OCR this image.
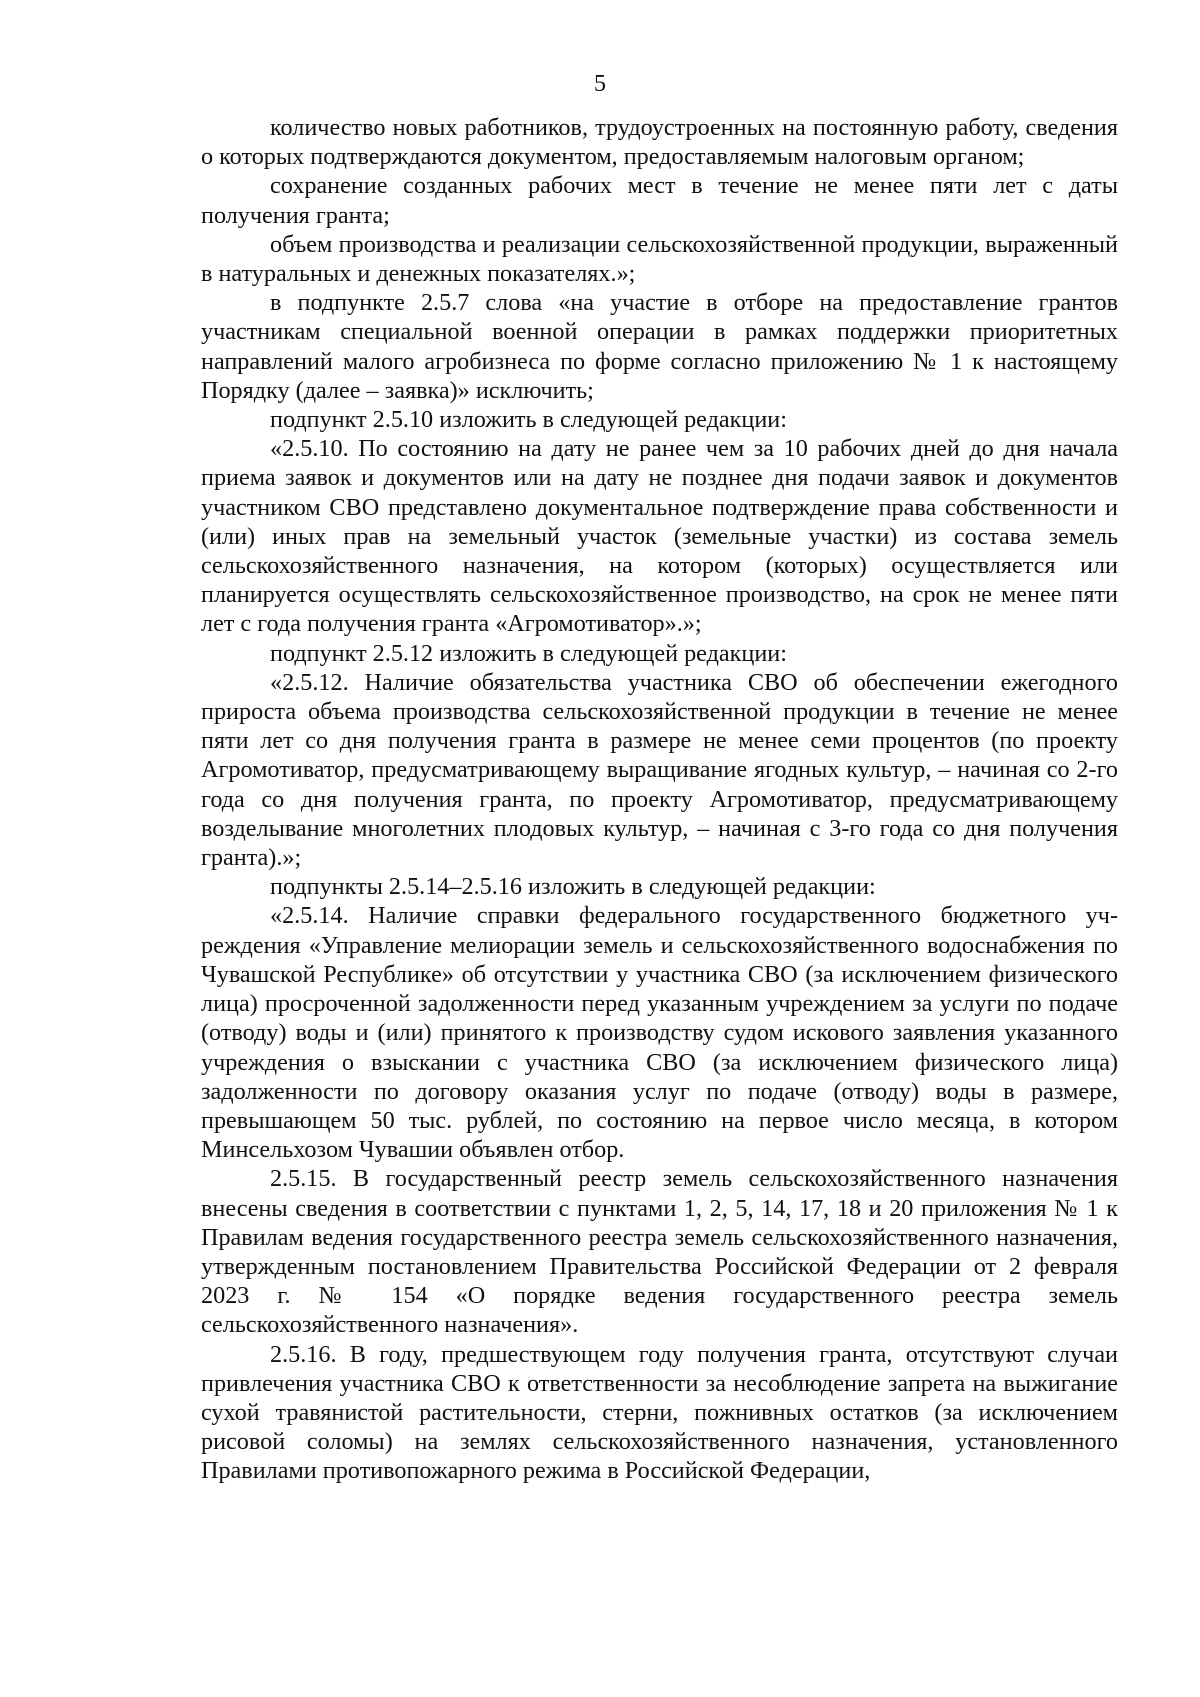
5

количество новых работников, трудоустроенных на постоянную работу, сведения о которых подтверждаются документом, предоставляемым налоговым органом;

сохранение созданных рабочих мест в течение не менее пяти лет с даты получения гранта;

объем производства и реализации сельскохозяйственной продукции, выраженный в натуральных и денежных показателях.»;

в подпункте 2.5.7 слова «на участие в отборе на предоставление грантов участникам специальной военной операции в рамках поддержки приоритетных направлений малого агробизнеса по форме согласно приложению № 1 к настоящему Порядку (далее – заявка)» исключить;

подпункт 2.5.10 изложить в следующей редакции:

«2.5.10. По состоянию на дату не ранее чем за 10 рабочих дней до дня начала приема заявок и документов или на дату не позднее дня подачи заявок и документов участником СВО представлено документальное подтверждение права собственности и (или) иных прав на земельный участок (земельные участки) из состава земель сельскохозяйственного назначения, на котором (которых) осуществляется или планируется осуществлять сельскохозяйственное производство, на срок не менее пяти лет с года получения гранта «Агромотиватор».»;

подпункт 2.5.12 изложить в следующей редакции:

«2.5.12. Наличие обязательства участника СВО об обеспечении ежегодного прироста объема производства сельскохозяйственной продукции в течение не менее пяти лет со дня получения гранта в размере не менее семи процентов (по проекту Агромотиватор, предусматривающему выращивание ягодных культур, – начиная со 2-го года со дня получения гранта, по проекту Агромотиватор, предусматривающему возделывание многолетних плодовых культур, – начиная с 3-го года со дня получения гранта).»;

подпункты 2.5.14–2.5.16 изложить в следующей редакции:

«2.5.14. Наличие справки федерального государственного бюджетного учреждения «Управление мелиорации земель и сельскохозяйственного водоснабжения по Чувашской Республике» об отсутствии у участника СВО (за исключением физического лица) просроченной задолженности перед указанным учреждением за услуги по подаче (отводу) воды и (или) принятого к производству судом искового заявления указанного учреждения о взыскании с участника СВО (за исключением физического лица) задолженности по договору оказания услуг по подаче (отводу) воды в размере, превышающем 50 тыс. рублей, по состоянию на первое число месяца, в котором Минсельхозом Чувашии объявлен отбор.

2.5.15. В государственный реестр земель сельскохозяйственного назначения внесены сведения в соответствии с пунктами 1, 2, 5, 14, 17, 18 и 20 приложения № 1 к Правилам ведения государственного реестра земель сельскохозяйственного назначения, утвержденным постановлением Правительства Российской Федерации от 2 февраля 2023 г. № 154 «О порядке ведения государственного реестра земель сельскохозяйственного назначения».

2.5.16. В году, предшествующем году получения гранта, отсутствуют случаи привлечения участника СВО к ответственности за несоблюдение запрета на выжигание сухой травянистой растительности, стерни, пожнивных остатков (за исключением рисовой соломы) на землях сельскохозяйственного назначения, установленного Правилами противопожарного режима в Российской Федерации,
